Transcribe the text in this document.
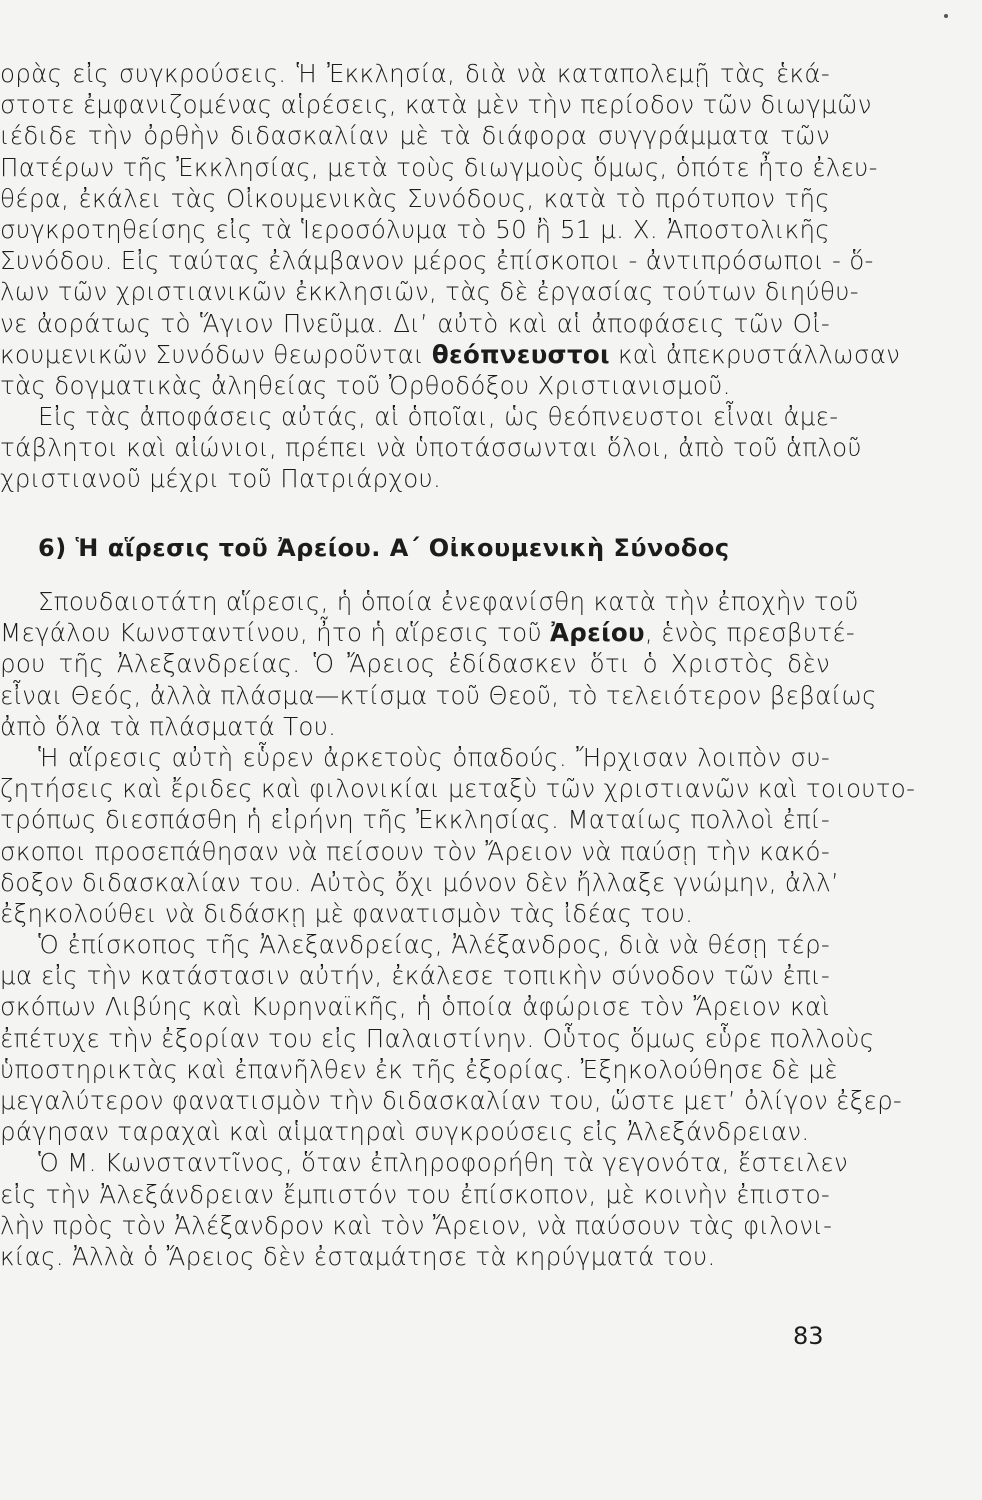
ορὰς εἰς συγκρούσεις. Ἡ Ἐκκλησία, διὰ νὰ καταπολεμῇ τὰς ἑκά-
στοτε ἐμφανιζομένας αἱρέσεις, κατὰ μὲν τὴν περίοδον τῶν διωγμῶν
ιέδιδε τὴν ὀρθὴν διδασκαλίαν μὲ τὰ διάφορα συγγράμματα τῶν
Πατέρων τῆς Ἐκκλησίας, μετὰ τοὺς διωγμοὺς ὅμως, ὁπότε ἦτο ἐλευ-
θέρα, ἐκάλει τὰς Οἰκουμενικὰς Συνόδους, κατὰ τὸ πρότυπον τῆς
συγκροτηθείσης εἰς τὰ Ἱεροσόλυμα τὸ 50 ἢ 51 μ. Χ. Ἀποστολικῆς
Συνόδου. Εἰς ταύτας ἐλάμβανον μέρος ἐπίσκοποι - ἀντιπρόσωποι - ὅ-
λων τῶν χριστιανικῶν ἐκκλησιῶν, τὰς δὲ ἐργασίας τούτων διηύθυ-
νε ἀοράτως τὸ Ἅγιον Πνεῦμα. Δι’ αὐτὸ καὶ αἱ ἀποφάσεις τῶν Οἰ-
κουμενικῶν Συνόδων θεωροῦνται θεόπνευστοι καὶ ἀπεκρυστάλλωσαν
τὰς δογματικὰς ἀληθείας τοῦ Ὀρθοδόξου Χριστιανισμοῦ.
Εἰς τὰς ἀποφάσεις αὐτάς, αἱ ὁποῖαι, ὡς θεόπνευστοι εἶναι ἀμε-
τάβλητοι καὶ αἰώνιοι, πρέπει νὰ ὑποτάσσωνται ὅλοι, ἀπὸ τοῦ ἁπλοῦ
χριστιανοῦ μέχρι τοῦ Πατριάρχου.
6) Ἡ αἵρεσις τοῦ Ἀρείου. Α΄ Οἰκουμενικὴ Σύνοδος
Σπουδαιοτάτη αἵρεσις, ἡ ὁποία ἐνεφανίσθη κατὰ τὴν ἐποχὴν τοῦ
Μεγάλου Κωνσταντίνου, ἦτο ἡ αἵρεσις τοῦ Ἀρείου, ἑνὸς πρεσβυτέ-
ρου τῆς Ἀλεξανδρείας. Ὁ Ἄρειος ἐδίδασκεν ὅτι ὁ Χριστὸς δὲν
εἶναι Θεός, ἀλλὰ πλάσμα—κτίσμα τοῦ Θεοῦ, τὸ τελειότερον βεβαίως
ἀπὸ ὅλα τὰ πλάσματά Του.
Ἡ αἵρεσις αὐτὴ εὗρεν ἀρκετοὺς ὀπαδούς. Ἤρχισαν λοιπὸν συ-
ζητήσεις καὶ ἔριδες καὶ φιλονικίαι μεταξὺ τῶν χριστιανῶν καὶ τοιουτο-
τρόπως διεσπάσθη ἡ εἰρήνη τῆς Ἐκκλησίας. Ματαίως πολλοὶ ἐπί-
σκοποι προσεπάθησαν νὰ πείσουν τὸν Ἄρειον νὰ παύσῃ τὴν κακό-
δοξον διδασκαλίαν του. Αὐτὸς ὄχι μόνον δὲν ἤλλαξε γνώμην, ἀλλ’
ἐξηκολούθει νὰ διδάσκῃ μὲ φανατισμὸν τὰς ἰδέας του.
Ὁ ἐπίσκοπος τῆς Ἀλεξανδρείας, Ἀλέξανδρος, διὰ νὰ θέσῃ τέρ-
μα εἰς τὴν κατάστασιν αὐτήν, ἐκάλεσε τοπικὴν σύνοδον τῶν ἐπι-
σκόπων Λιβύης καὶ Κυρηναϊκῆς, ἡ ὁποία ἀφώρισε τὸν Ἄρειον καὶ
ἐπέτυχε τὴν ἐξορίαν του εἰς Παλαιστίνην. Οὗτος ὅμως εὗρε πολλοὺς
ὑποστηρικτὰς καὶ ἐπανῆλθεν ἐκ τῆς ἐξορίας. Ἐξηκολούθησε δὲ μὲ
μεγαλύτερον φανατισμὸν τὴν διδασκαλίαν του, ὥστε μετ’ ὀλίγον ἐξερ-
ράγησαν ταραχαὶ καὶ αἱματηραὶ συγκρούσεις εἰς Ἀλεξάνδρειαν.
Ὁ Μ. Κωνσταντῖνος, ὅταν ἐπληροφορήθη τὰ γεγονότα, ἔστειλεν
εἰς τὴν Ἀλεξάνδρειαν ἔμπιστόν του ἐπίσκοπον, μὲ κοινὴν ἐπιστο-
λὴν πρὸς τὸν Ἀλέξανδρον καὶ τὸν Ἄρειον, νὰ παύσουν τὰς φιλονι-
κίας. Ἀλλὰ ὁ Ἄρειος δὲν ἐσταμάτησε τὰ κηρύγματά του.
83
